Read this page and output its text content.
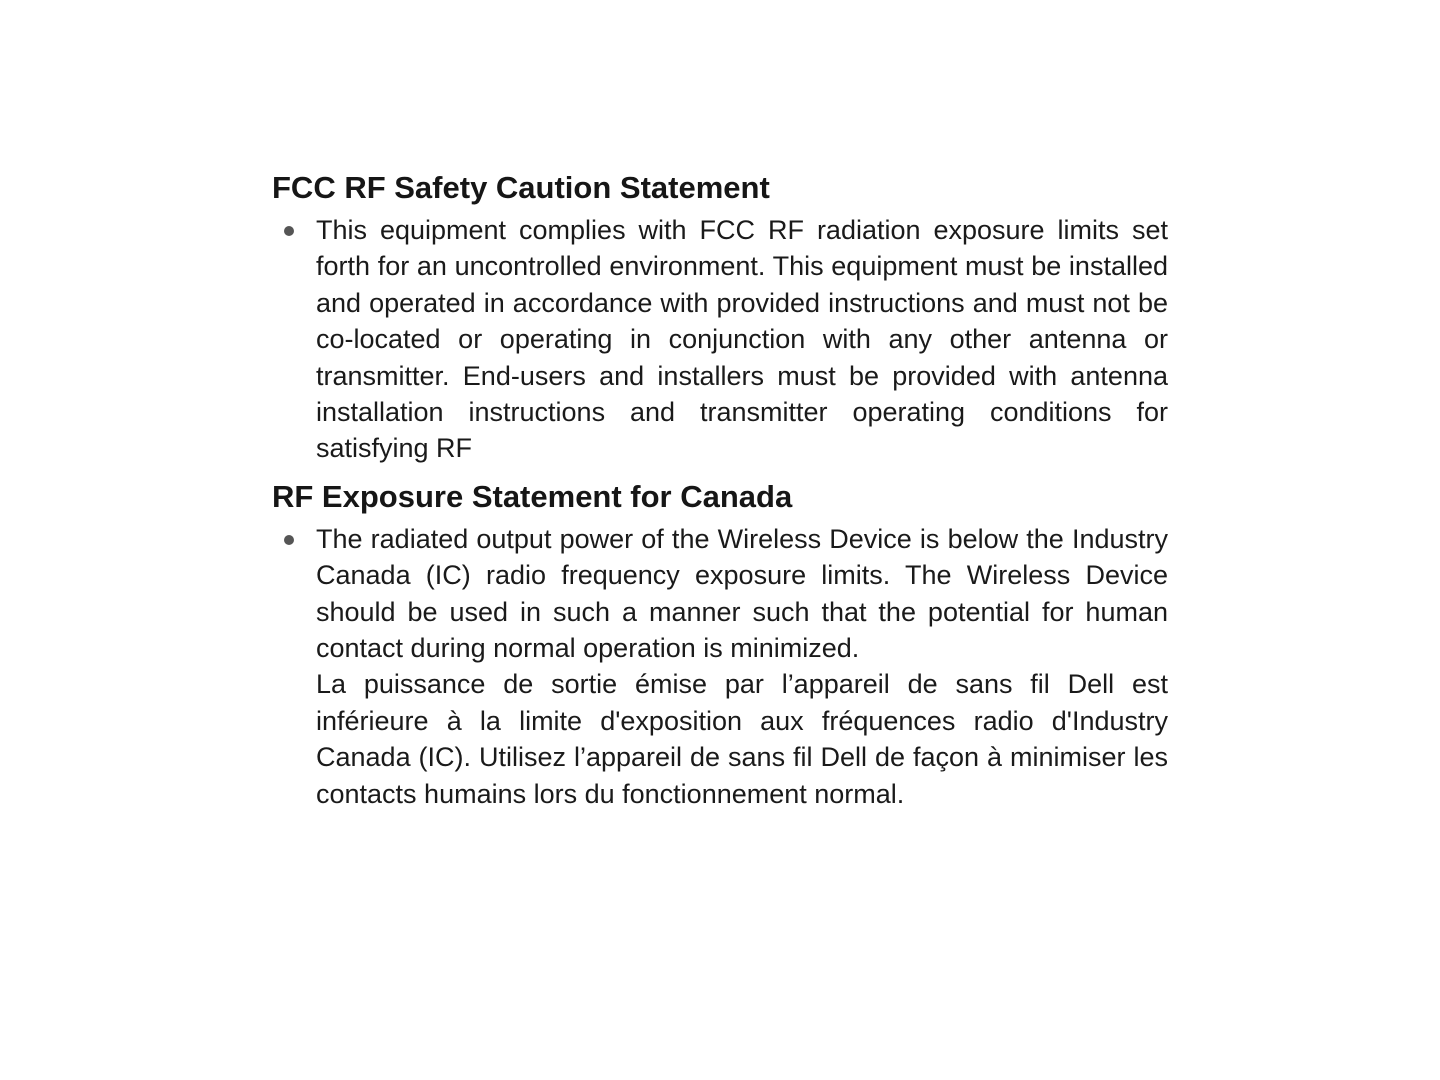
FCC RF Safety Caution Statement

This equipment complies with FCC RF radiation exposure limits set forth for an uncontrolled environment. This equipment must be installed and operated in accordance with provided instructions and must not be co-located or operating in conjunction with any other antenna or transmitter. End-users and installers must be provided with antenna installation instructions and transmitter operating conditions for satisfying RF

RF Exposure Statement for Canada

The radiated output power of the Wireless Device is below the Industry Canada (IC) radio frequency exposure limits. The Wireless Device should be used in such a manner such that the potential for human contact during normal operation is minimized.

La puissance de sortie émise par l’appareil de sans fil Dell est inférieure à la limite d'exposition aux fréquences radio d'Industry Canada (IC). Utilisez l’appareil de sans fil Dell de façon à minimiser les contacts humains lors du fonctionnement normal.
